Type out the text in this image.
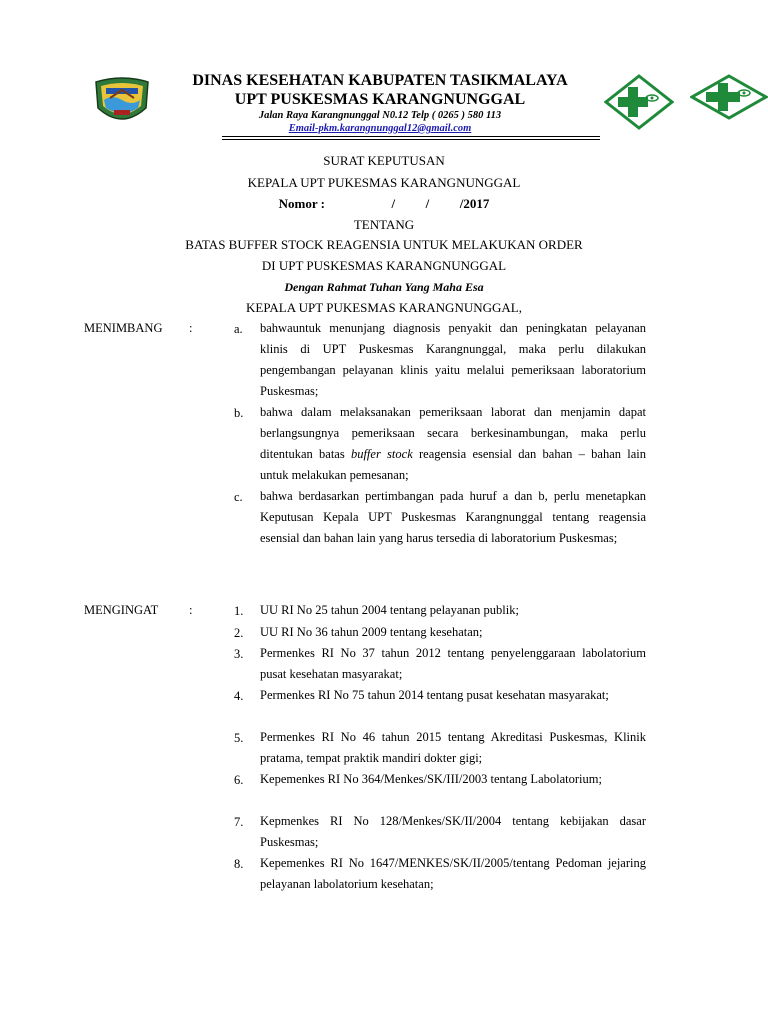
DINAS KESEHATAN KABUPATEN TASIKMALAYA
UPT PUSKESMAS KARANGNUNGGAL
Jalan Raya Karangnunggal N0.12 Telp ( 0265 ) 580 113
Email-pkm.karangnunggal12@gmail.com
SURAT KEPUTUSAN
KEPALA UPT PUKESMAS KARANGNUNGGAL
Nomor :	/ / /2017
TENTANG
BATAS BUFFER STOCK REAGENSIA UNTUK MELAKUKAN ORDER
DI UPT PUSKESMAS KARANGNUNGGAL
Dengan Rahmat Tuhan Yang Maha Esa
KEPALA UPT PUKESMAS KARANGNUNGGAL,
MENIMBANG :	a.	bahwauntuk menunjang diagnosis penyakit dan peningkatan pelayanan klinis di UPT Puskesmas Karangnunggal, maka perlu dilakukan pengembangan pelayanan klinis yaitu melalui pemeriksaan laboratorium Puskesmas;
b.	bahwa dalam melaksanakan pemeriksaan laborat dan menjamin dapat berlangsungnya pemeriksaan secara berkesinambungan, maka perlu ditentukan batas buffer stock reagensia esensial dan bahan – bahan lain untuk melakukan pemesanan;
c.	bahwa berdasarkan pertimbangan pada huruf a dan b, perlu menetapkan Keputusan Kepala UPT Puskesmas Karangnunggal tentang reagensia esensial dan bahan lain yang harus tersedia di laboratorium Puskesmas;
MENGINGAT :	1.	UU RI No 25 tahun 2004 tentang pelayanan publik;
2.	UU RI No 36 tahun 2009 tentang kesehatan;
3.	Permenkes RI No 37 tahun 2012 tentang penyelenggaraan labolatorium pusat kesehatan masyarakat;
4.	Permenkes RI No 75 tahun 2014 tentang pusat kesehatan masyarakat;
5.	Permenkes RI No 46 tahun 2015 tentang Akreditasi Puskesmas, Klinik pratama, tempat praktik mandiri dokter gigi;
6.	Kepemenkes RI No 364/Menkes/SK/III/2003 tentang Labolatorium;
7.	Kepmenkes RI No 128/Menkes/SK/II/2004 tentang kebijakan dasar Puskesmas;
8.	Kepemenkes RI No 1647/MENKES/SK/II/2005/tentang Pedoman jejaring pelayanan labolatorium kesehatan;
